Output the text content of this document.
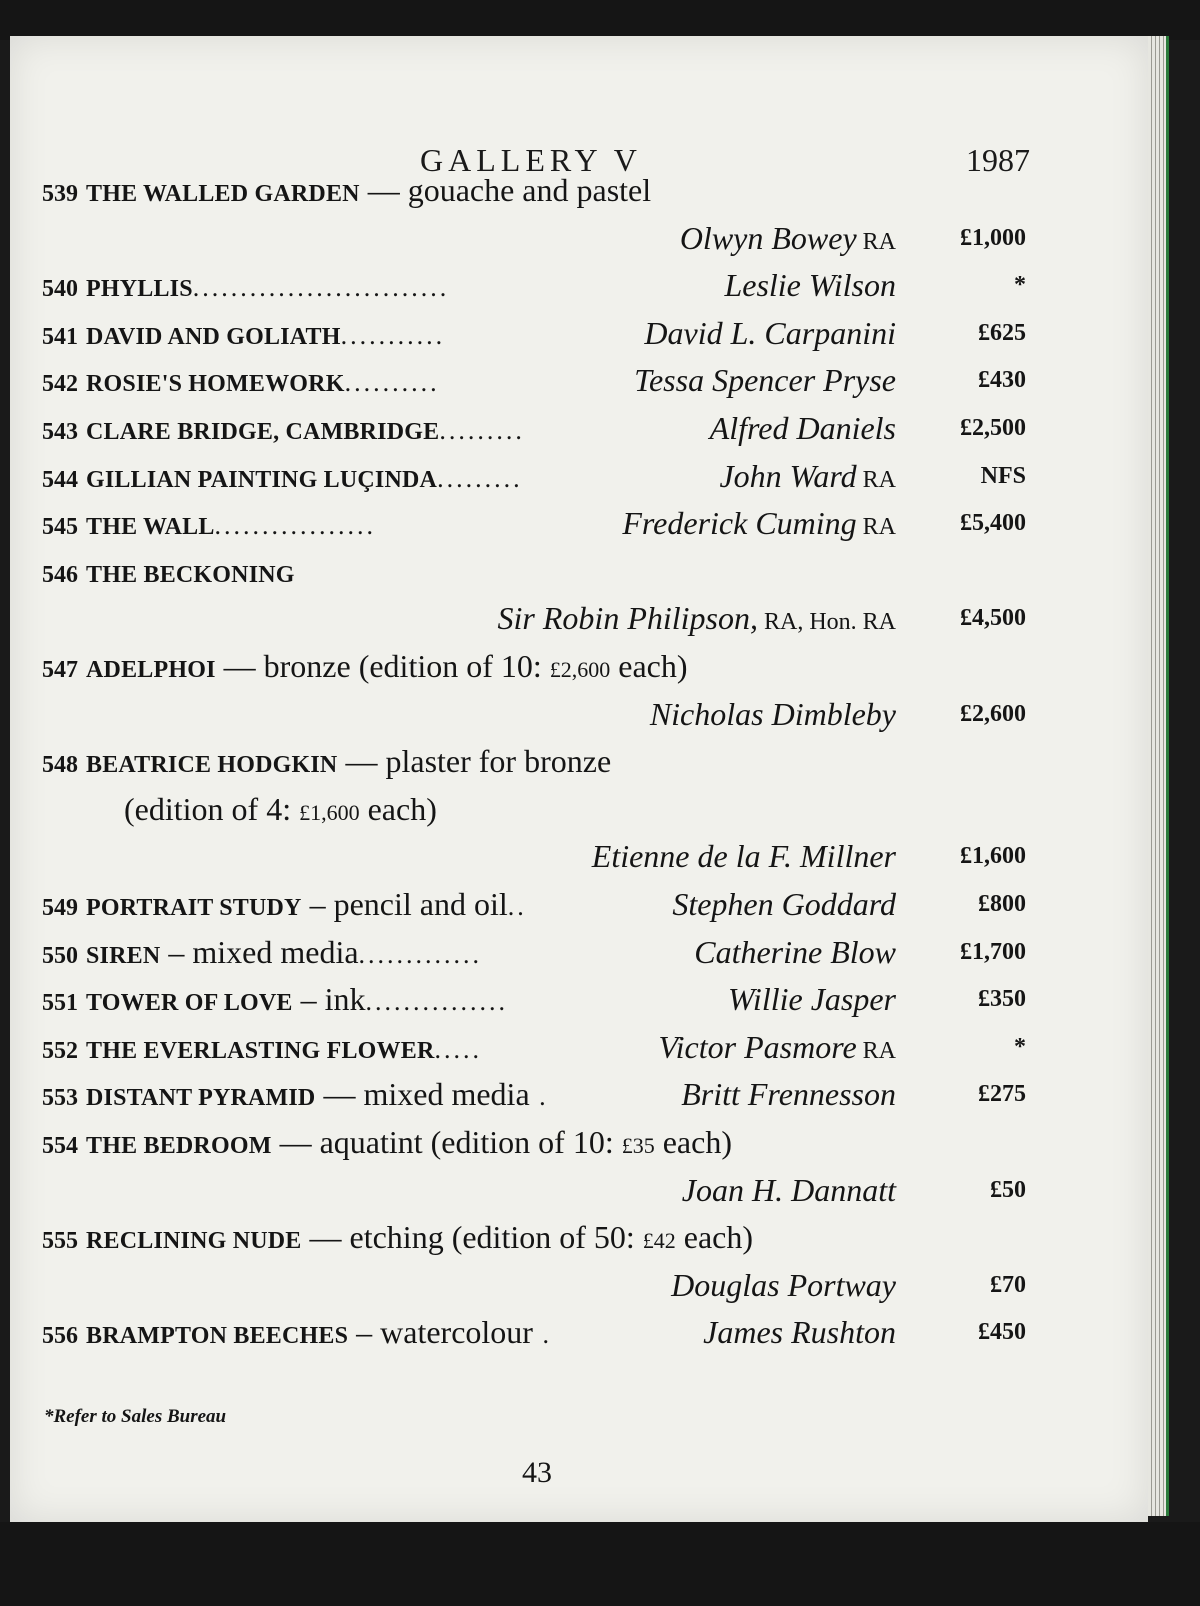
GALLERY V	1987
539 THE WALLED GARDEN — gouache and pastel
Olwyn Bowey RA	£1,000
540 PHYLLIS...........................	Leslie Wilson	*
541 DAVID AND GOLIATH...........	David L. Carpanini	£625
542 ROSIE'S HOMEWORK..........	Tessa Spencer Pryse	£430
543 CLARE BRIDGE, CAMBRIDGE.........	Alfred Daniels	£2,500
544 GILLIAN PAINTING LUÇINDA.........	John Ward RA	NFS
545 THE WALL.................	Frederick Cuming RA	£5,400
546 THE BECKONING
Sir Robin Philipson, RA, Hon. RA	£4,500
547 ADELPHOI — bronze (edition of 10: £2,600 each)
Nicholas Dimbleby	£2,600
548 BEATRICE HODGKIN — plaster for bronze
(edition of 4: £1,600 each)
Etienne de la F. Millner	£1,600
549 PORTRAIT STUDY – pencil and oil..	Stephen Goddard	£800
550 SIREN – mixed media.............	Catherine Blow	£1,700
551 TOWER OF LOVE – ink...............	Willie Jasper	£350
552 THE EVERLASTING FLOWER.....	Victor Pasmore RA	*
553 DISTANT PYRAMID — mixed media .	Britt Frennesson	£275
554 THE BEDROOM — aquatint (edition of 10: £35 each)
Joan H. Dannatt	£50
555 RECLINING NUDE — etching (edition of 50: £42 each)
Douglas Portway	£70
556 BRAMPTON BEECHES – watercolour .	James Rushton	£450
*Refer to Sales Bureau
43
